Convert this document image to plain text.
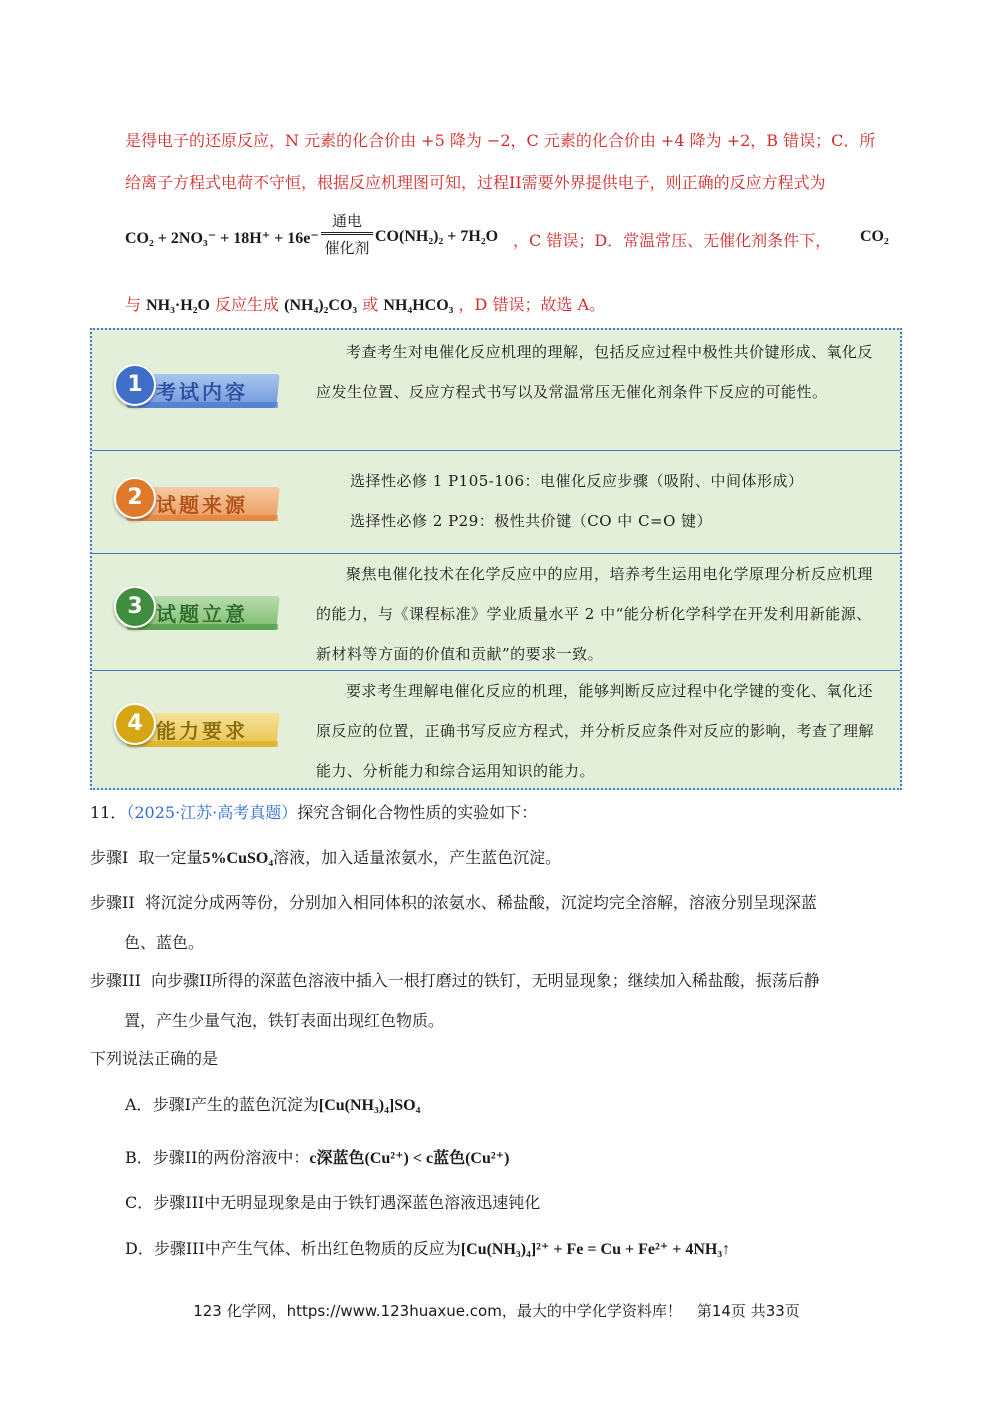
是得电子的还原反应，N 元素的化合价由 +5 降为 −2，C 元素的化合价由 +4 降为 +2，B 错误；C．所
给离子方程式电荷不守恒，根据反应机理图可知，过程II需要外界提供电子，则正确的反应方程式为
CO₂ + 2NO₃⁻ + 18H⁺ + 16e⁻
通电
催化剂
CO(NH₂)₂ + 7H₂O ，C 错误；D．常温常压、无催化剂条件下， CO₂
与 NH₃·H₂O 反应生成 (NH₄)₂CO₃ 或 NH₄HCO₃ ，D 错误；故选 A。
1 考试内容
考查考生对电催化反应机理的理解，包括反应过程中极性共价键形成、氧化反应发生位置、反应方程式书写以及常温常压无催化剂条件下反应的可能性。
2 试题来源
选择性必修 1 P105-106：电催化反应步骤（吸附、中间体形成）
选择性必修 2 P29：极性共价键（CO 中 C=O 键）
3 试题立意
聚焦电催化技术在化学反应中的应用，培养考生运用电化学原理分析反应机理的能力，与《课程标准》学业质量水平 2 中“能分析化学科学在开发利用新能源、新材料等方面的价值和贡献”的要求一致。
4 能力要求
要求考生理解电催化反应的机理，能够判断反应过程中化学键的变化、氧化还原反应的位置，正确书写反应方程式，并分析反应条件对反应的影响，考查了理解能力、分析能力和综合运用知识的能力。
11．（2025·江苏·高考真题）探究含铜化合物性质的实验如下：
步骤I 取一定量5%CuSO₄溶液，加入适量浓氨水，产生蓝色沉淀。
步骤II 将沉淀分成两等份，分别加入相同体积的浓氨水、稀盐酸，沉淀均完全溶解，溶液分别呈现深蓝
色、蓝色。
步骤III 向步骤II所得的深蓝色溶液中插入一根打磨过的铁钉，无明显现象；继续加入稀盐酸，振荡后静
置，产生少量气泡，铁钉表面出现红色物质。
下列说法正确的是
A．步骤I产生的蓝色沉淀为[Cu(NH₃)₄]SO₄
B．步骤II的两份溶液中：c深蓝色(Cu²⁺) < c蓝色(Cu²⁺)
C．步骤III中无明显现象是由于铁钉遇深蓝色溶液迅速钝化
D．步骤III中产生气体、析出红色物质的反应为[Cu(NH₃)₄]²⁺ + Fe = Cu + Fe²⁺ + 4NH₃↑
123 化学网，https://www.123huaxue.com，最大的中学化学资料库！　第14页 共33页
